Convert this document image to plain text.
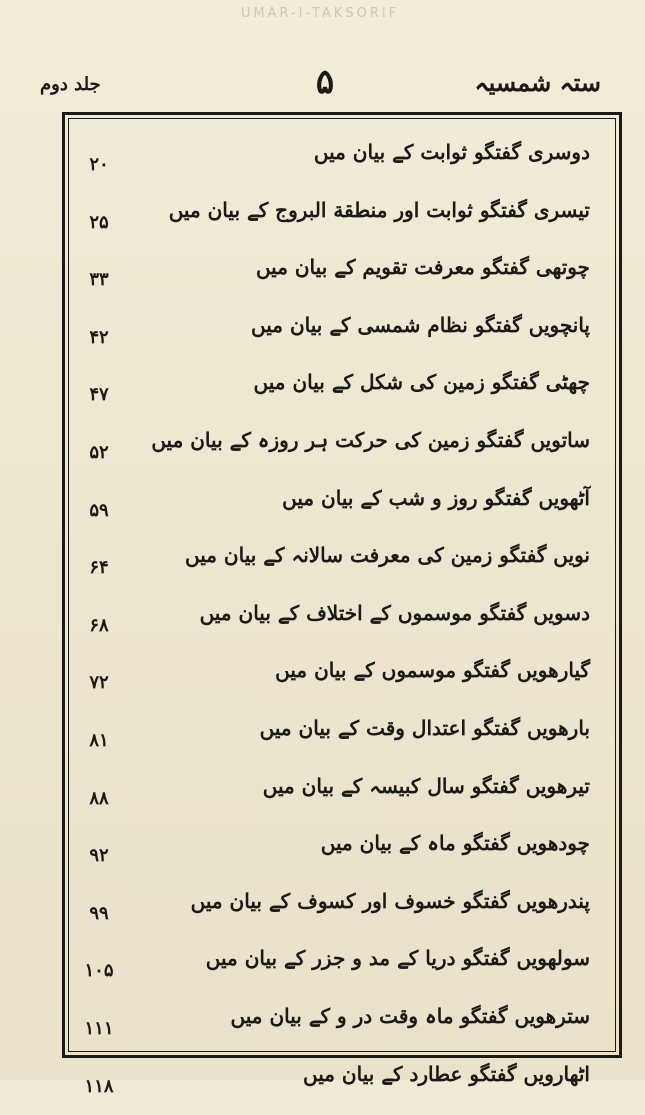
UMAR-I-TAKSORIF
جلد دوم	۵	ستہ شمسیہ
دوسری گفتگو ثوابت کے بیان میں
۲۰
تیسری گفتگو ثوابت اور منطقة البروج کے بیان میں
۲۵
چوتھی گفتگو معرفت تقویم کے بیان میں
۳۳
پانچویں گفتگو نظام شمسی کے بیان میں
۴۲
چھٹی گفتگو زمین کی شکل کے بیان میں
۴۷
ساتویں گفتگو زمین کی حرکت ہر روزہ کے بیان میں
۵۲
آٹھویں گفتگو روز و شب کے بیان میں
۵۹
نویں گفتگو زمین کی معرفت سالانہ کے بیان میں
۶۴
دسویں گفتگو موسموں کے اختلاف کے بیان میں
۶۸
گیارھویں گفتگو موسموں کے بیان میں
۷۲
بارھویں گفتگو اعتدال وقت کے بیان میں
۸۱
تیرھویں گفتگو سال کبیسہ کے بیان میں
۸۸
چودھویں گفتگو ماہ کے بیان میں
۹۲
پندرھویں گفتگو خسوف اور کسوف کے بیان میں
۹۹
سولھویں گفتگو دریا کے مد و جزر کے بیان میں
۱۰۵
سترھویں گفتگو ماہ وقت در و کے بیان میں
۱۱۱
اٹھارویں گفتگو عطارد کے بیان میں
۱۱۸
